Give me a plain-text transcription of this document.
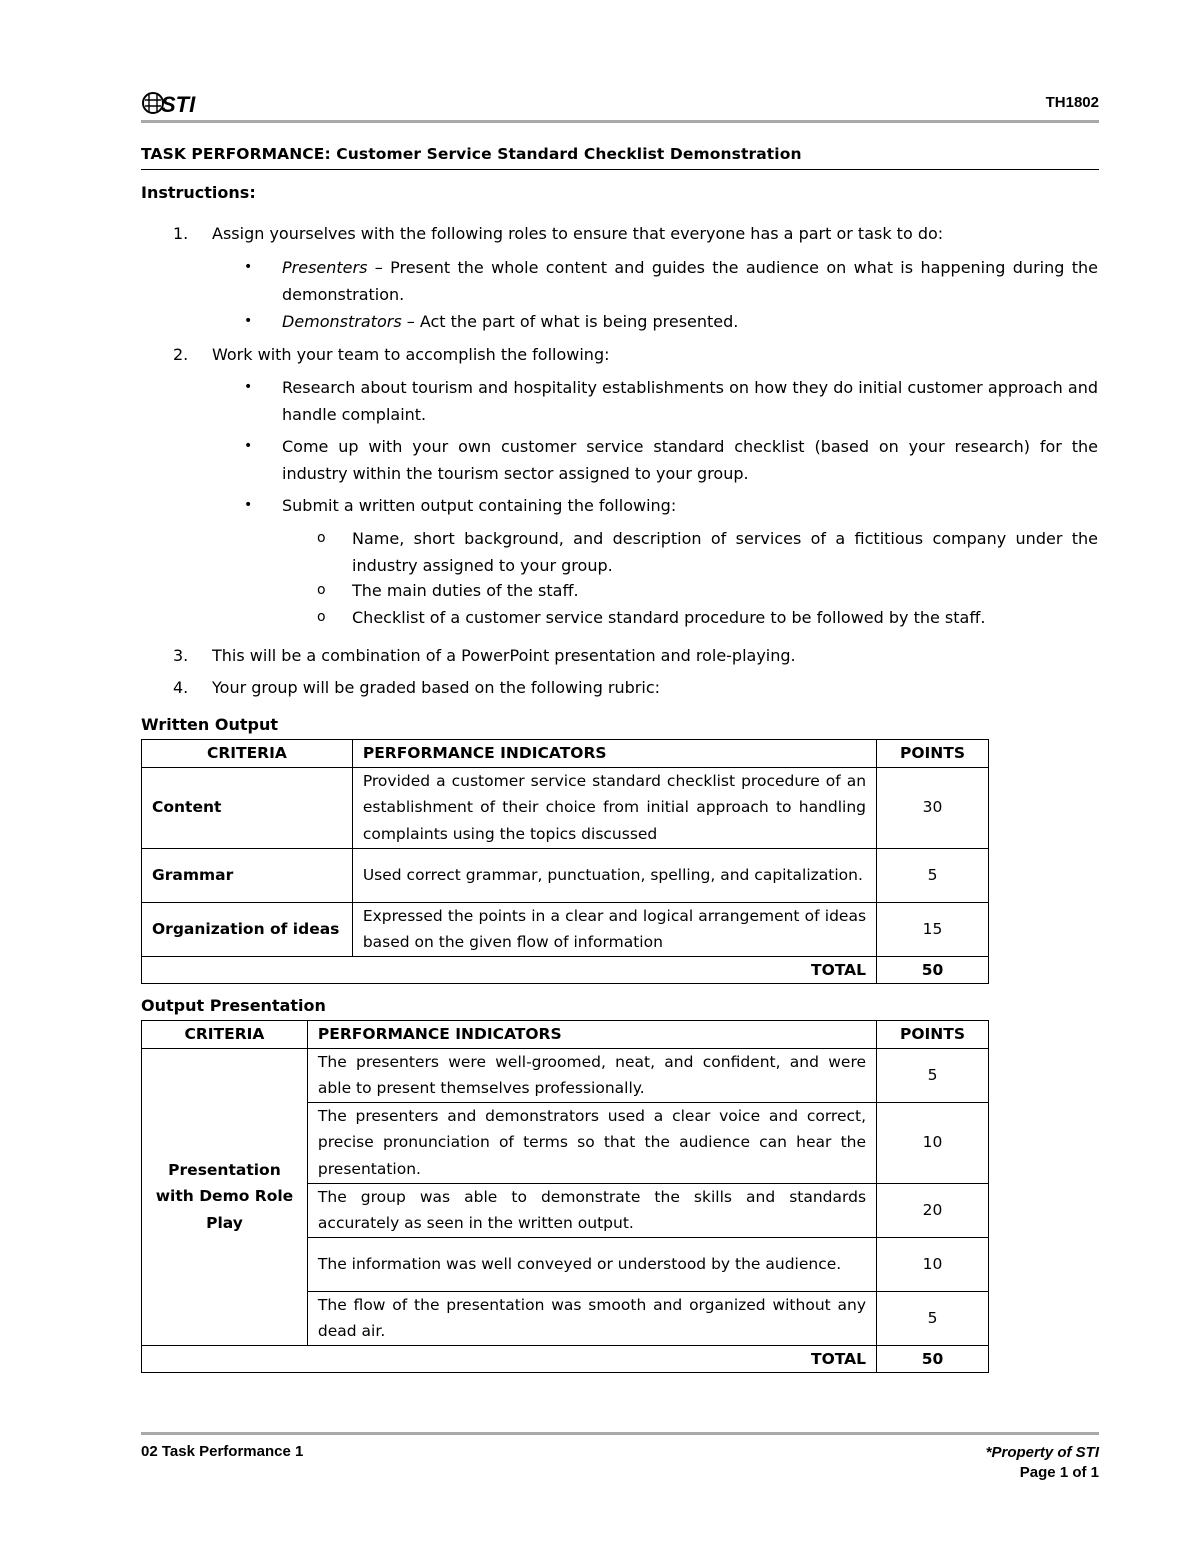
STI	TH1802
TASK PERFORMANCE: Customer Service Standard Checklist Demonstration
Instructions:
1.	Assign yourselves with the following roles to ensure that everyone has a part or task to do:
• Presenters – Present the whole content and guides the audience on what is happening during the demonstration.
• Demonstrators – Act the part of what is being presented.
2.	Work with your team to accomplish the following:
• Research about tourism and hospitality establishments on how they do initial customer approach and handle complaint.
• Come up with your own customer service standard checklist (based on your research) for the industry within the tourism sector assigned to your group.
• Submit a written output containing the following:
o Name, short background, and description of services of a fictitious company under the industry assigned to your group.
o The main duties of the staff.
o Checklist of a customer service standard procedure to be followed by the staff.
3.	This will be a combination of a PowerPoint presentation and role-playing.
4.	Your group will be graded based on the following rubric:
Written Output
CRITERIA	PERFORMANCE INDICATORS	POINTS
Content	Provided a customer service standard checklist procedure of an establishment of their choice from initial approach to handling complaints using the topics discussed	30
Grammar	Used correct grammar, punctuation, spelling, and capitalization.	5
Organization of ideas	Expressed the points in a clear and logical arrangement of ideas based on the given flow of information	15
TOTAL		50
Output Presentation
CRITERIA	PERFORMANCE INDICATORS	POINTS
Presentation with Demo Role Play	The presenters were well-groomed, neat, and confident, and were able to present themselves professionally.	5
	The presenters and demonstrators used a clear voice and correct, precise pronunciation of terms so that the audience can hear the presentation.	10
	The group was able to demonstrate the skills and standards accurately as seen in the written output.	20
	The information was well conveyed or understood by the audience.	10
	The flow of the presentation was smooth and organized without any dead air.	5
TOTAL		50
02 Task Performance 1	*Property of STI
Page 1 of 1
